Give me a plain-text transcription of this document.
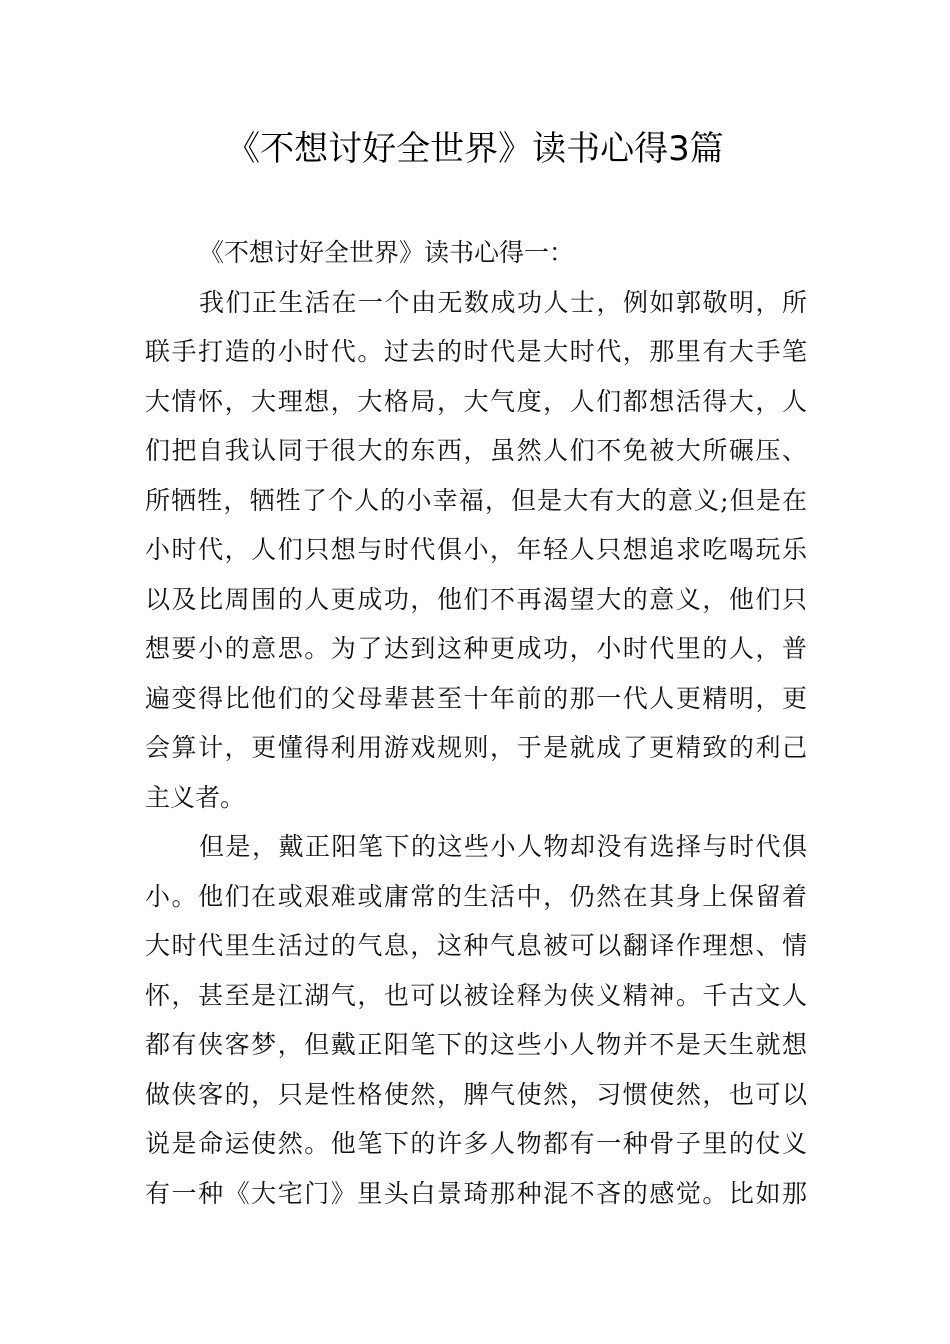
《不想讨好全世界》读书心得3篇
《不想讨好全世界》读书心得一：
我们正生活在一个由无数成功人士，例如郭敬明，所
联手打造的小时代。过去的时代是大时代，那里有大手笔
大情怀，大理想，大格局，大气度，人们都想活得大，人
们把自我认同于很大的东西，虽然人们不免被大所碾压、
所牺牲，牺牲了个人的小幸福，但是大有大的意义;但是在
小时代，人们只想与时代俱小，年轻人只想追求吃喝玩乐
以及比周围的人更成功，他们不再渴望大的意义，他们只
想要小的意思。为了达到这种更成功，小时代里的人，普
遍变得比他们的父母辈甚至十年前的那一代人更精明，更
会算计，更懂得利用游戏规则，于是就成了更精致的利己
主义者。
但是，戴正阳笔下的这些小人物却没有选择与时代俱
小。他们在或艰难或庸常的生活中，仍然在其身上保留着
大时代里生活过的气息，这种气息被可以翻译作理想、情
怀，甚至是江湖气，也可以被诠释为侠义精神。千古文人
都有侠客梦，但戴正阳笔下的这些小人物并不是天生就想
做侠客的，只是性格使然，脾气使然，习惯使然，也可以
说是命运使然。他笔下的许多人物都有一种骨子里的仗义
有一种《大宅门》里头白景琦那种混不吝的感觉。比如那
